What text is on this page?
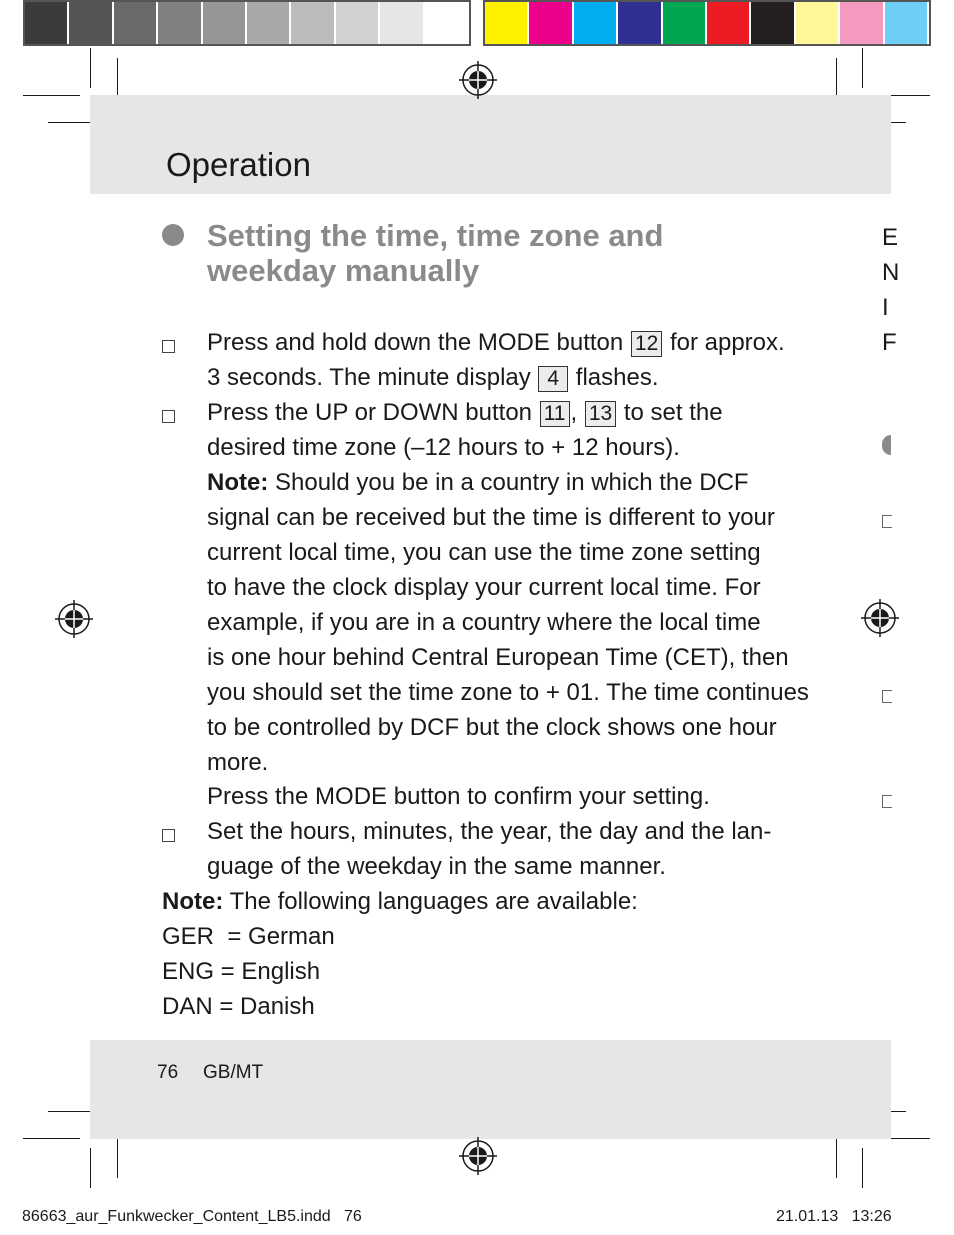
Operation
Setting the time, time zone and weekday manually
Press and hold down the MODE button 12 for approx.
3 seconds. The minute display 4 flashes.
Press the UP or DOWN button 11 , 13 to set the
desired time zone (–12 hours to + 12 hours).
Note: Should you be in a country in which the DCF
signal can be received but the time is different to your
current local time, you can use the time zone setting
to have the clock display your current local time. For
example, if you are in a country where the local time
is one hour behind Central European Time (CET), then
you should set the time zone to + 01. The time continues
to be controlled by DCF but the clock shows one hour
more.
Press the MODE button to confirm your setting.
Set the hours, minutes, the year, the day and the lan-
guage of the weekday in the same manner.
Note: The following languages are available:
GER  = German
ENG = English
DAN = Danish
E
N
I
F
76 GB/MT
86663_aur_Funkwecker_Content_LB5.indd   76	21.01.13   13:26
